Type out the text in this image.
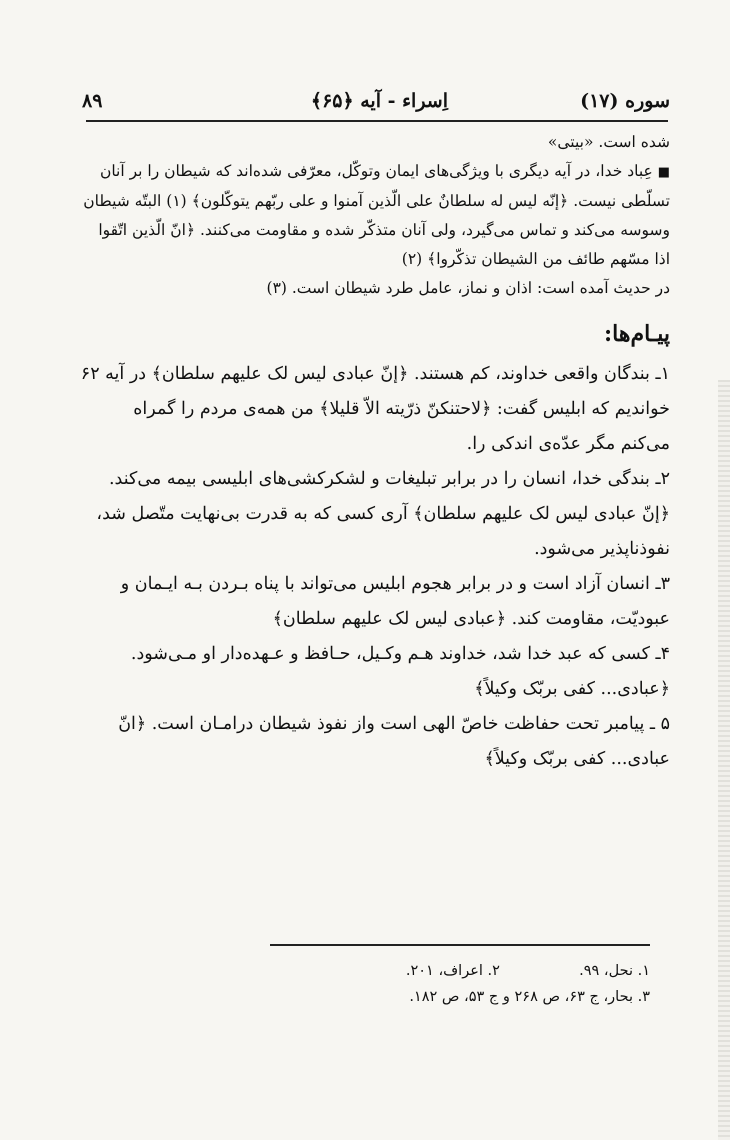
سوره (۱۷)
اِسراء - آیه ﴿۶۵﴾
۸۹

شده است. «بیتی»

■ عِباد خدا، در آیه دیگری با ویژگی‌های ایمان وتوکّل، معرّفی شده‌اند که شیطان را بر آنان تسلّطی نیست. ﴿إنّه لیس له سلطانٌ علی الّذین آمنوا و علی ربّهم یتوکّلون﴾ (۱) البتّه شیطان وسوسه می‌کند و تماس می‌گیرد، ولی آنان متذکّر شده و مقاومت می‌کنند. ﴿انّ الّذین اتّقوا اذا مسّهم طائف من الشیطان تذکّروا﴾ (۲)

در حدیث آمده است: اذان و نماز، عامل طرد شیطان است. (۳)

پیـام‌ها:

۱ـ بندگان واقعی خداوند، کم هستند. ﴿إنّ عبادی لیس لک علیهم سلطان﴾ در آیه ۶۲ خواندیم که ابلیس گفت: ﴿لاحتنکنّ ذرّیته الاّ قلیلا﴾ من همه‌ی مردم را گمراه می‌کنم مگر عدّه‌ی اندکی را.

۲ـ بندگی خدا، انسان را در برابر تبلیغات و لشکرکشی‌های ابلیسی بیمه می‌کند. ﴿إنّ عبادی لیس لک علیهم سلطان﴾ آری کسی که به قدرت بی‌نهایت متّصل شد، نفوذناپذیر می‌شود.

۳ـ انسان آزاد است و در برابر هجوم ابلیس می‌تواند با پناه بـردن بـه ایـمان و عبودیّت، مقاومت کند. ﴿عبادی لیس لک علیهم سلطان﴾

۴ـ کسی که عبد خدا شد، خداوند هـم وکـیل، حـافظ و عـهده‌دار او مـی‌شود. ﴿عبادی... کفی بربّک وکیلاً﴾

۵ ـ پیامبر تحت حفاظت خاصّ الهی است واز نفوذ شیطان درامـان است. ﴿انّ عبادی... کفی بربّک وکیلاً﴾

۱. نحل، ۹۹.  ۲. اعراف، ۲۰۱.

۳. بحار، ج ۶۳، ص ۲۶۸ و ج ۵۳، ص ۱۸۲.
